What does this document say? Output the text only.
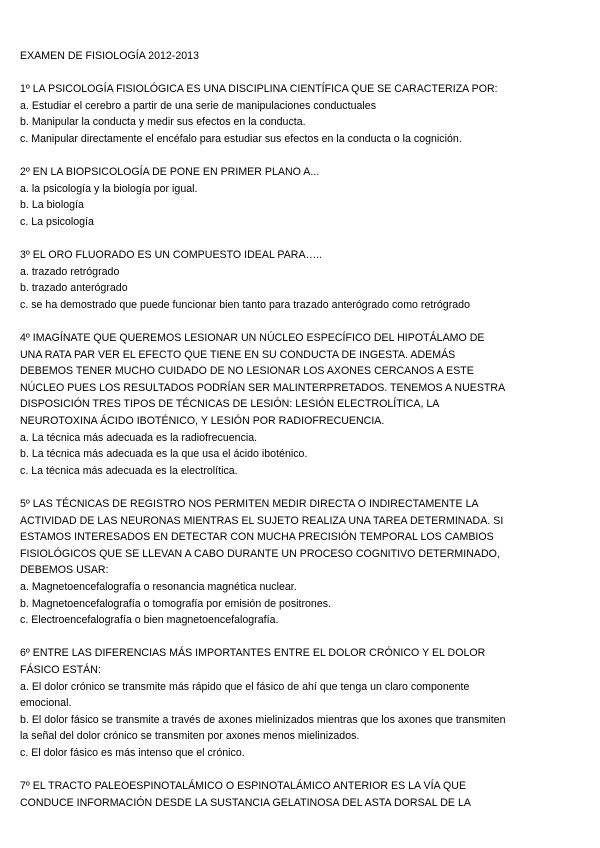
EXAMEN DE FISIOLOGÍA 2012-2013
1º LA PSICOLOGÍA FISIOLÓGICA ES UNA DISCIPLINA CIENTÍFICA QUE SE CARACTERIZA POR:
a. Estudiar el cerebro a partir de una serie de manipulaciones conductuales
b. Manipular la conducta y medir sus efectos en la conducta.
c. Manipular directamente el encéfalo para estudiar sus efectos en la conducta o la cognición.
2º EN LA BIOPSICOLOGÍA DE PONE EN PRIMER PLANO A...
a. la psicología y la biología por igual.
b. La biología
c. La psicología
3º EL ORO FLUORADO ES UN COMPUESTO IDEAL PARA…..
a. trazado retrógrado
b. trazado anterógrado
c. se ha demostrado que puede funcionar bien tanto para trazado anterógrado como retrógrado
4º IMAGÍNATE QUE QUEREMOS LESIONAR UN NÚCLEO ESPECÍFICO DEL HIPOTÁLAMO DE
UNA RATA PAR VER EL EFECTO QUE TIENE EN SU CONDUCTA DE INGESTA. ADEMÁS
DEBEMOS TENER MUCHO CUIDADO DE NO LESIONAR LOS AXONES CERCANOS A ESTE
NÚCLEO PUES LOS RESULTADOS PODRÍAN SER MALINTERPRETADOS. TENEMOS A NUESTRA
DISPOSICIÓN TRES TIPOS DE TÉCNICAS DE LESIÓN: LESIÓN ELECTROLÍTICA, LA
NEUROTOXINA ÁCIDO IBOTÉNICO, Y LESIÓN POR RADIOFRECUENCIA.
a. La técnica más adecuada es la radiofrecuencia.
b. La técnica más adecuada es la que usa el ácido iboténico.
c. La técnica más adecuada es la electrolítica.
5º LAS TÉCNICAS DE REGISTRO NOS PERMITEN MEDIR DIRECTA O INDIRECTAMENTE LA
ACTIVIDAD DE LAS NEURONAS MIENTRAS EL SUJETO REALIZA UNA TAREA DETERMINADA. SI
ESTAMOS INTERESADOS EN DETECTAR CON MUCHA PRECISIÓN TEMPORAL LOS CAMBIOS
FISIOLÓGICOS QUE SE LLEVAN A CABO DURANTE UN PROCESO COGNITIVO DETERMINADO,
DEBEMOS USAR:
a. Magnetoencefalografía o resonancia magnética nuclear.
b. Magnetoencefalografía o tomografía por emisión de positrones.
c. Electroencefalografía o bien magnetoencefalografía.
6º ENTRE LAS DIFERENCIAS MÁS IMPORTANTES ENTRE EL DOLOR CRÓNICO Y EL DOLOR
FÁSICO ESTÁN:
a. El dolor crónico se transmite más rápido que el fásico de ahí que tenga un claro componente
emocional.
b. El dolor fásico se transmite a través de axones mielinizados mientras que los axones que transmiten
la señal del dolor crónico se transmiten por axones menos mielinizados.
c. El dolor fásico es más intenso que el crónico.
7º EL TRACTO PALEOESPINOTALÁMICO O ESPINOTALÁMICO ANTERIOR ES LA VÍA QUE
CONDUCE INFORMACIÓN DESDE LA SUSTANCIA GELATINOSA DEL ASTA DORSAL DE LA
